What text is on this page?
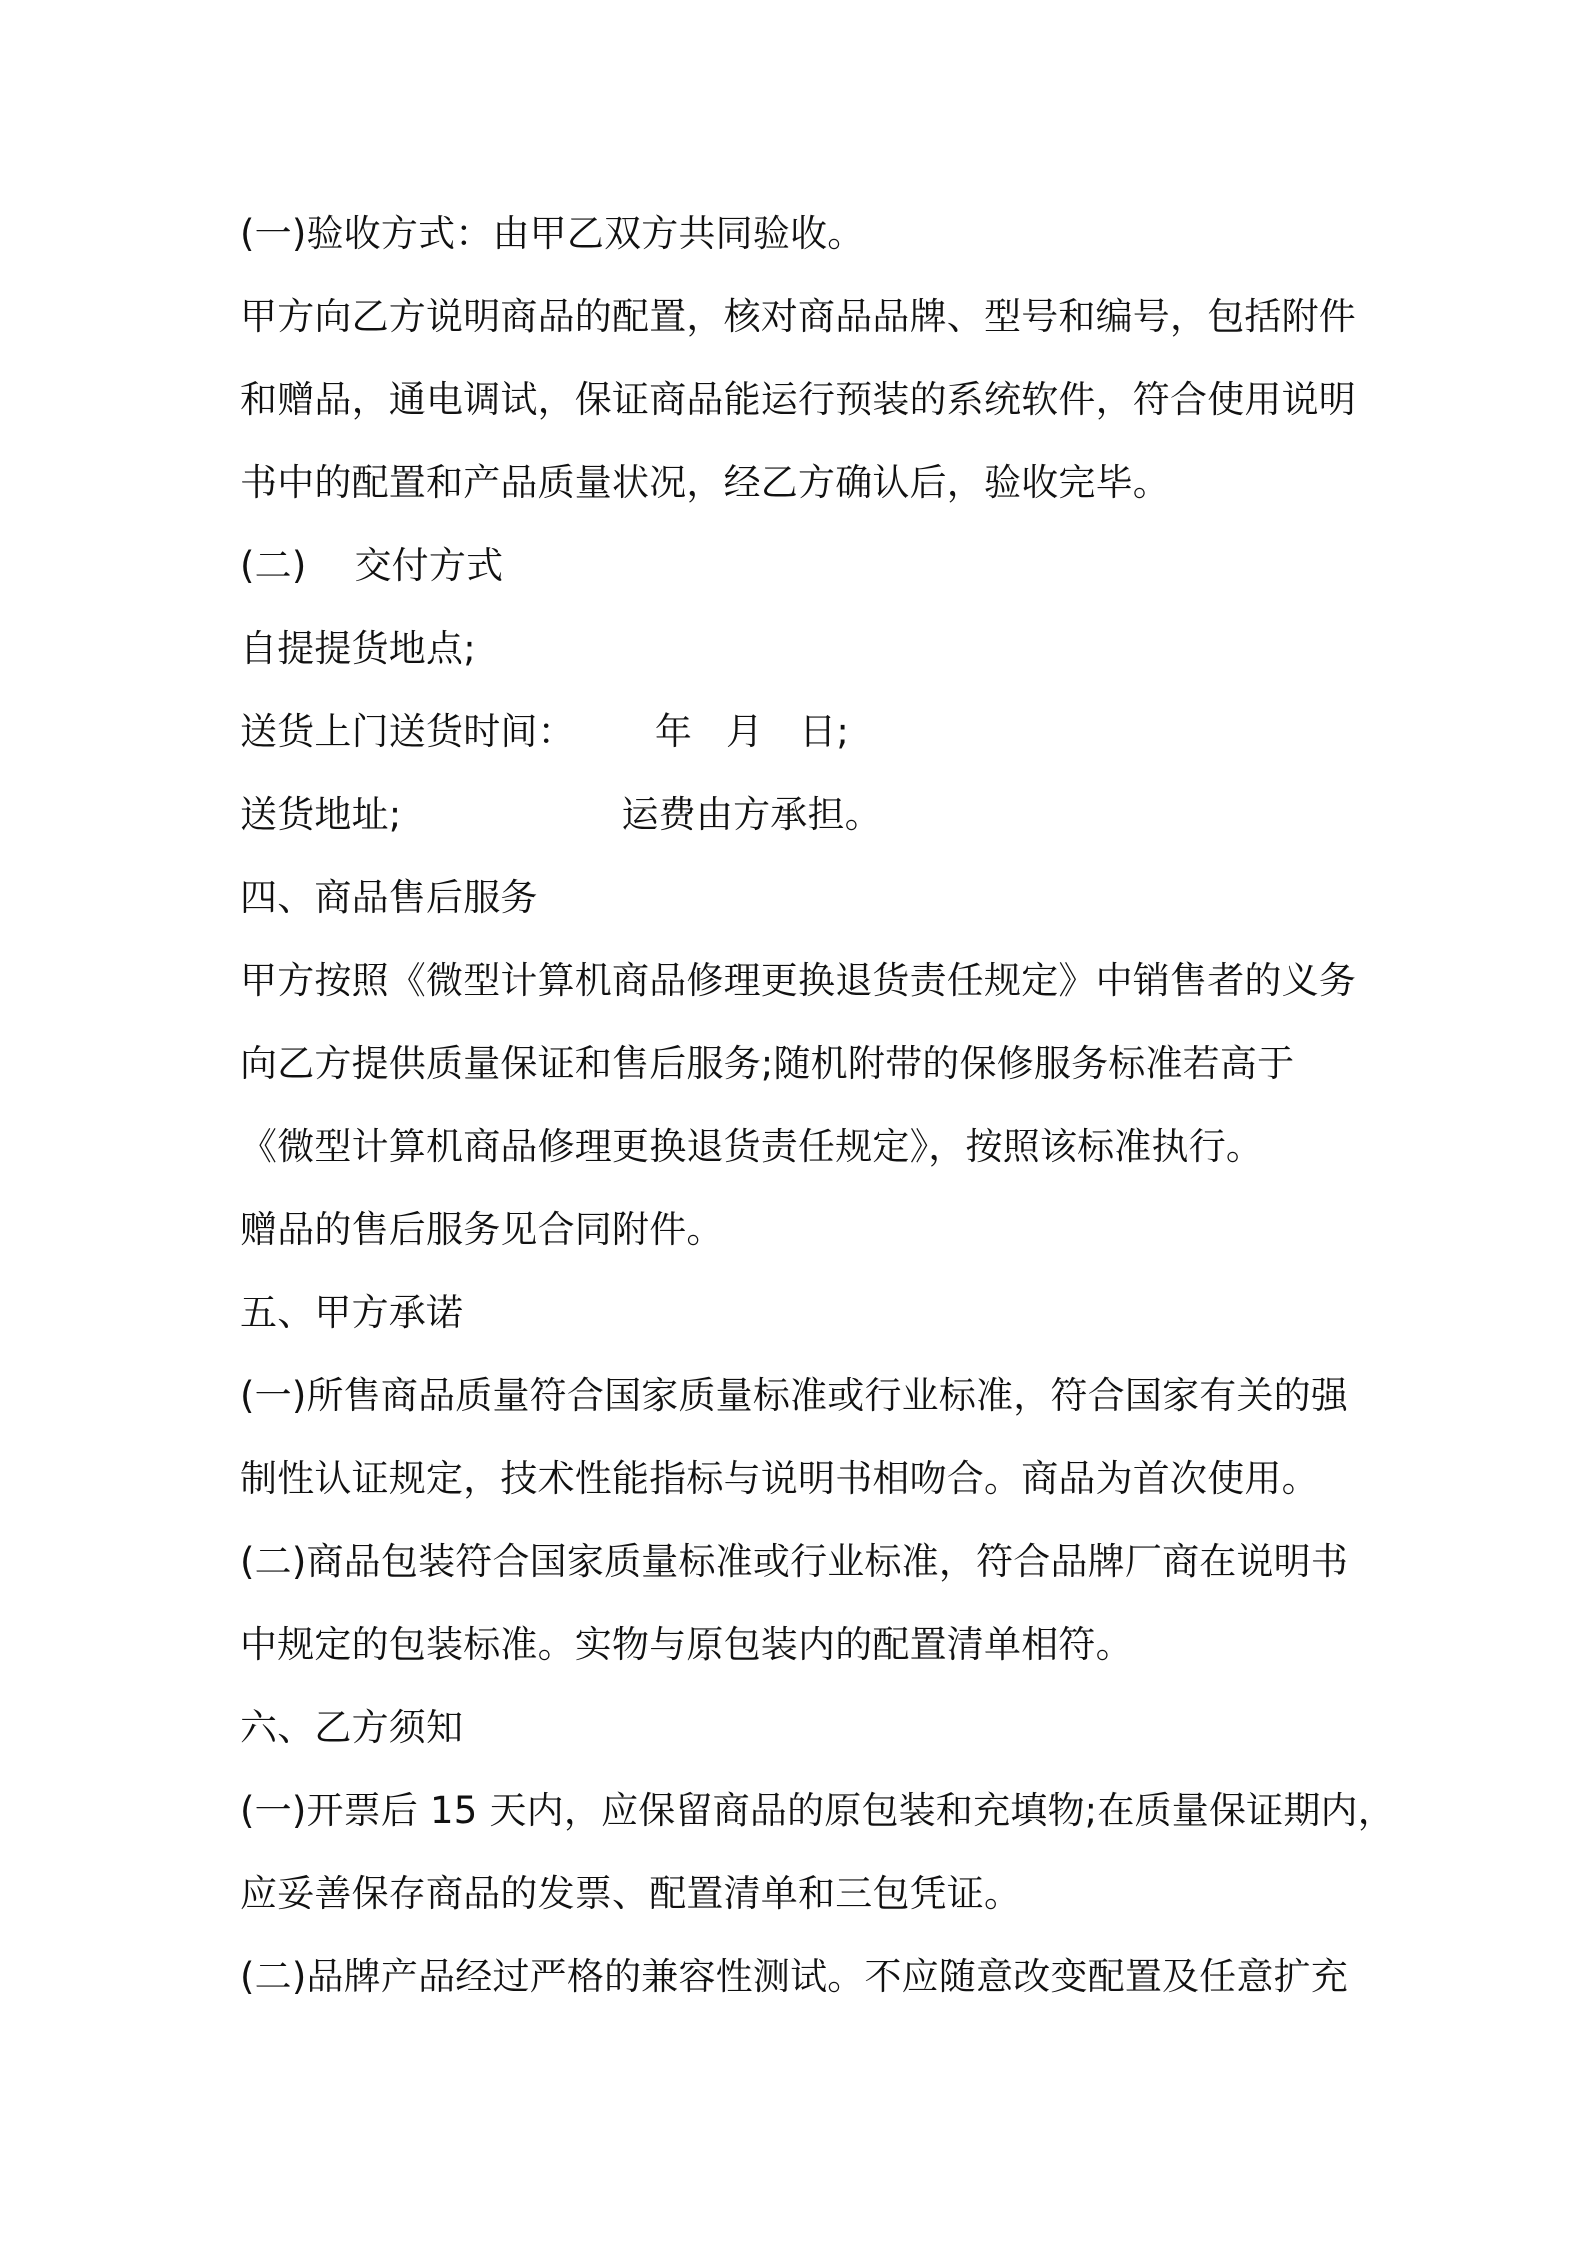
(一)验收方式：由甲乙双方共同验收。
甲方向乙方说明商品的配置，核对商品品牌、型号和编号，包括附件
和赠品，通电调试，保证商品能运行预装的系统软件，符合使用说明
书中的配置和产品质量状况，经乙方确认后，验收完毕。
(二) 交付方式
自提提货地点;
送货上门送货时间： 年 月 日;
送货地址;	运费由方承担。
四、商品售后服务
甲方按照《微型计算机商品修理更换退货责任规定》中销售者的义务
向乙方提供质量保证和售后服务;随机附带的保修服务标准若高于
《微型计算机商品修理更换退货责任规定》，按照该标准执行。
赠品的售后服务见合同附件。
五、甲方承诺
(一)所售商品质量符合国家质量标准或行业标准，符合国家有关的强
制性认证规定，技术性能指标与说明书相吻合。商品为首次使用。
(二)商品包装符合国家质量标准或行业标准，符合品牌厂商在说明书
中规定的包装标准。实物与原包装内的配置清单相符。
六、乙方须知
(一)开票后 15 天内，应保留商品的原包装和充填物;在质量保证期内，
应妥善保存商品的发票、配置清单和三包凭证。
(二)品牌产品经过严格的兼容性测试。不应随意改变配置及任意扩充
